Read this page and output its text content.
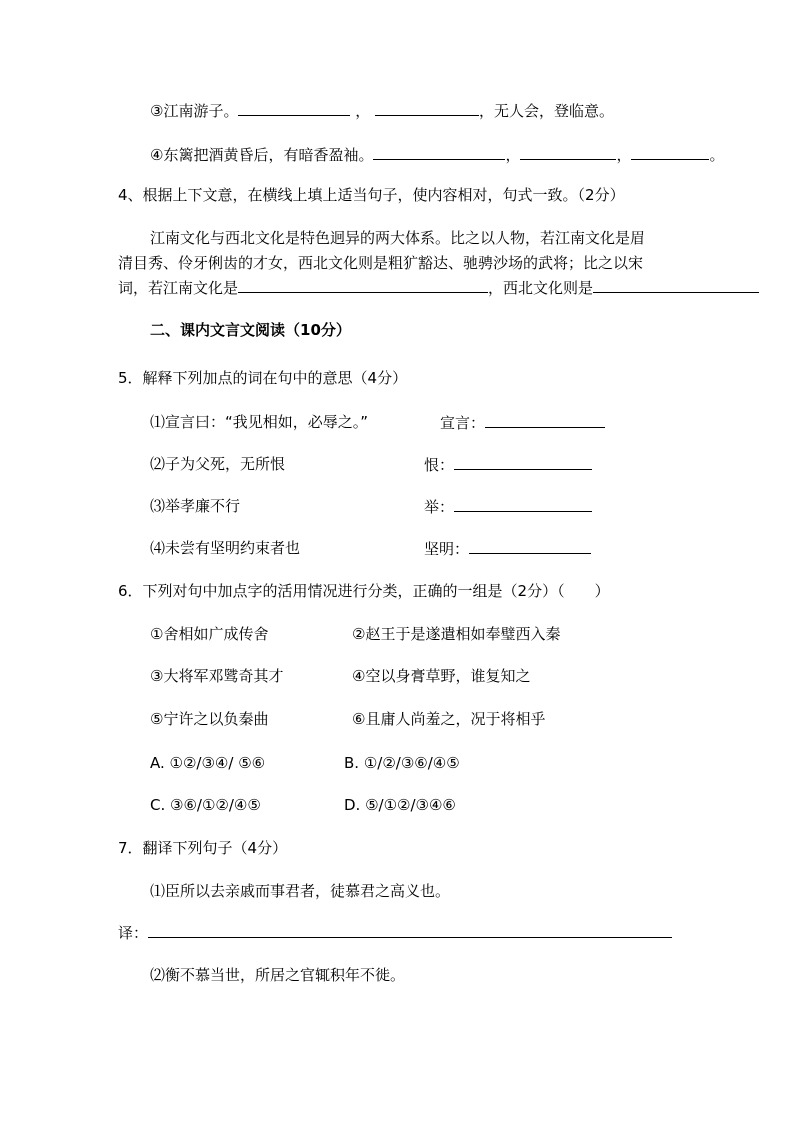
③江南游子。	，	，无人会，登临意。
④东篱把酒黄昏后，有暗香盈袖。	，	，	。
4、根据上下文意，在横线上填上适当句子，使内容相对，句式一致。（2分）
江南文化与西北文化是特色迥异的两大体系。比之以人物，若江南文化是眉
清目秀、伶牙俐齿的才女，西北文化则是粗犷豁达、驰骋沙场的武将；比之以宋
词，若江南文化是	，西北文化则是
二、课内文言文阅读（10分）
5．解释下列加点的词在句中的意思（4分）
⑴宣言曰：“我见相如，必辱之。”	宣言：
⑵子为父死，无所恨	恨：
⑶举孝廉不行	举：
⑷未尝有坚明约束者也	坚明：
6．下列对句中加点字的活用情况进行分类，正确的一组是（2分）（　　）
①舍相如广成传舍	②赵王于是遂遣相如奉璧西入秦
③大将军邓骘奇其才	④空以身膏草野，谁复知之
⑤宁许之以负秦曲	⑥且庸人尚羞之，况于将相乎
A. ①②/③④/ ⑤⑥	B. ①/②/③⑥/④⑤
C. ③⑥/①②/④⑤	D. ⑤/①②/③④⑥
7．翻译下列句子（4分）
⑴臣所以去亲戚而事君者，徒慕君之高义也。
译：
⑵衡不慕当世，所居之官辄积年不徙。
